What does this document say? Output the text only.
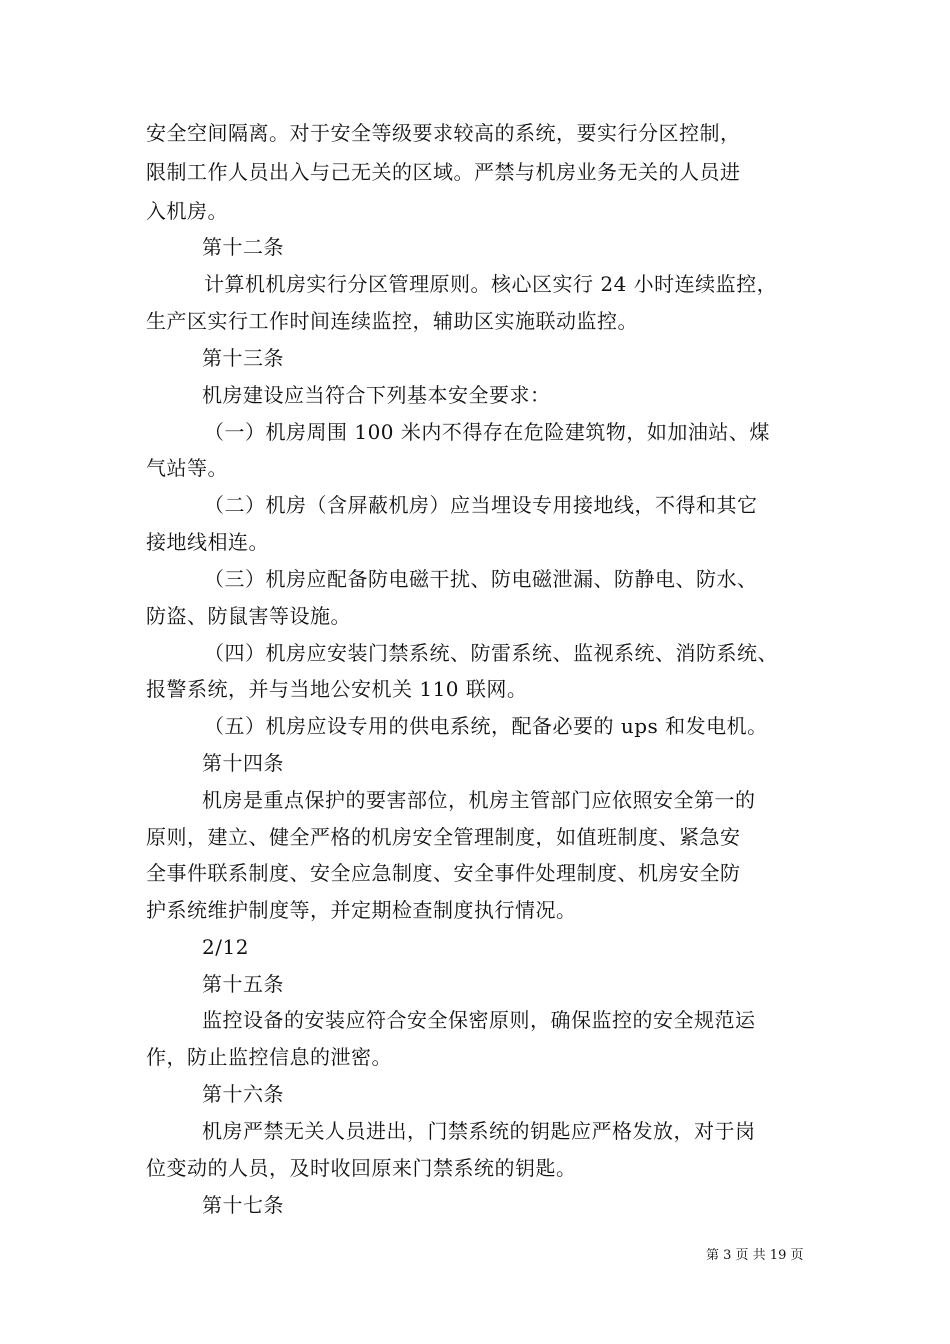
安全空间隔离。对于安全等级要求较高的系统，要实行分区控制，
限制工作人员出入与己无关的区域。严禁与机房业务无关的人员进
入机房。
第十二条
计算机机房实行分区管理原则。核心区实行 24 小时连续监控，
生产区实行工作时间连续监控，辅助区实施联动监控。
第十三条
机房建设应当符合下列基本安全要求：
（一）机房周围 100 米内不得存在危险建筑物，如加油站、煤
气站等。
（二）机房（含屏蔽机房）应当埋设专用接地线，不得和其它
接地线相连。
（三）机房应配备防电磁干扰、防电磁泄漏、防静电、防水、
防盗、防鼠害等设施。
（四）机房应安装门禁系统、防雷系统、监视系统、消防系统、
报警系统，并与当地公安机关 110 联网。
（五）机房应设专用的供电系统，配备必要的 ups 和发电机。
第十四条
机房是重点保护的要害部位，机房主管部门应依照安全第一的
原则，建立、健全严格的机房安全管理制度，如值班制度、紧急安
全事件联系制度、安全应急制度、安全事件处理制度、机房安全防
护系统维护制度等，并定期检查制度执行情况。
2/12
第十五条
监控设备的安装应符合安全保密原则，确保监控的安全规范运
作，防止监控信息的泄密。
第十六条
机房严禁无关人员进出，门禁系统的钥匙应严格发放，对于岗
位变动的人员，及时收回原来门禁系统的钥匙。
第十七条
第 3 页 共 19 页
